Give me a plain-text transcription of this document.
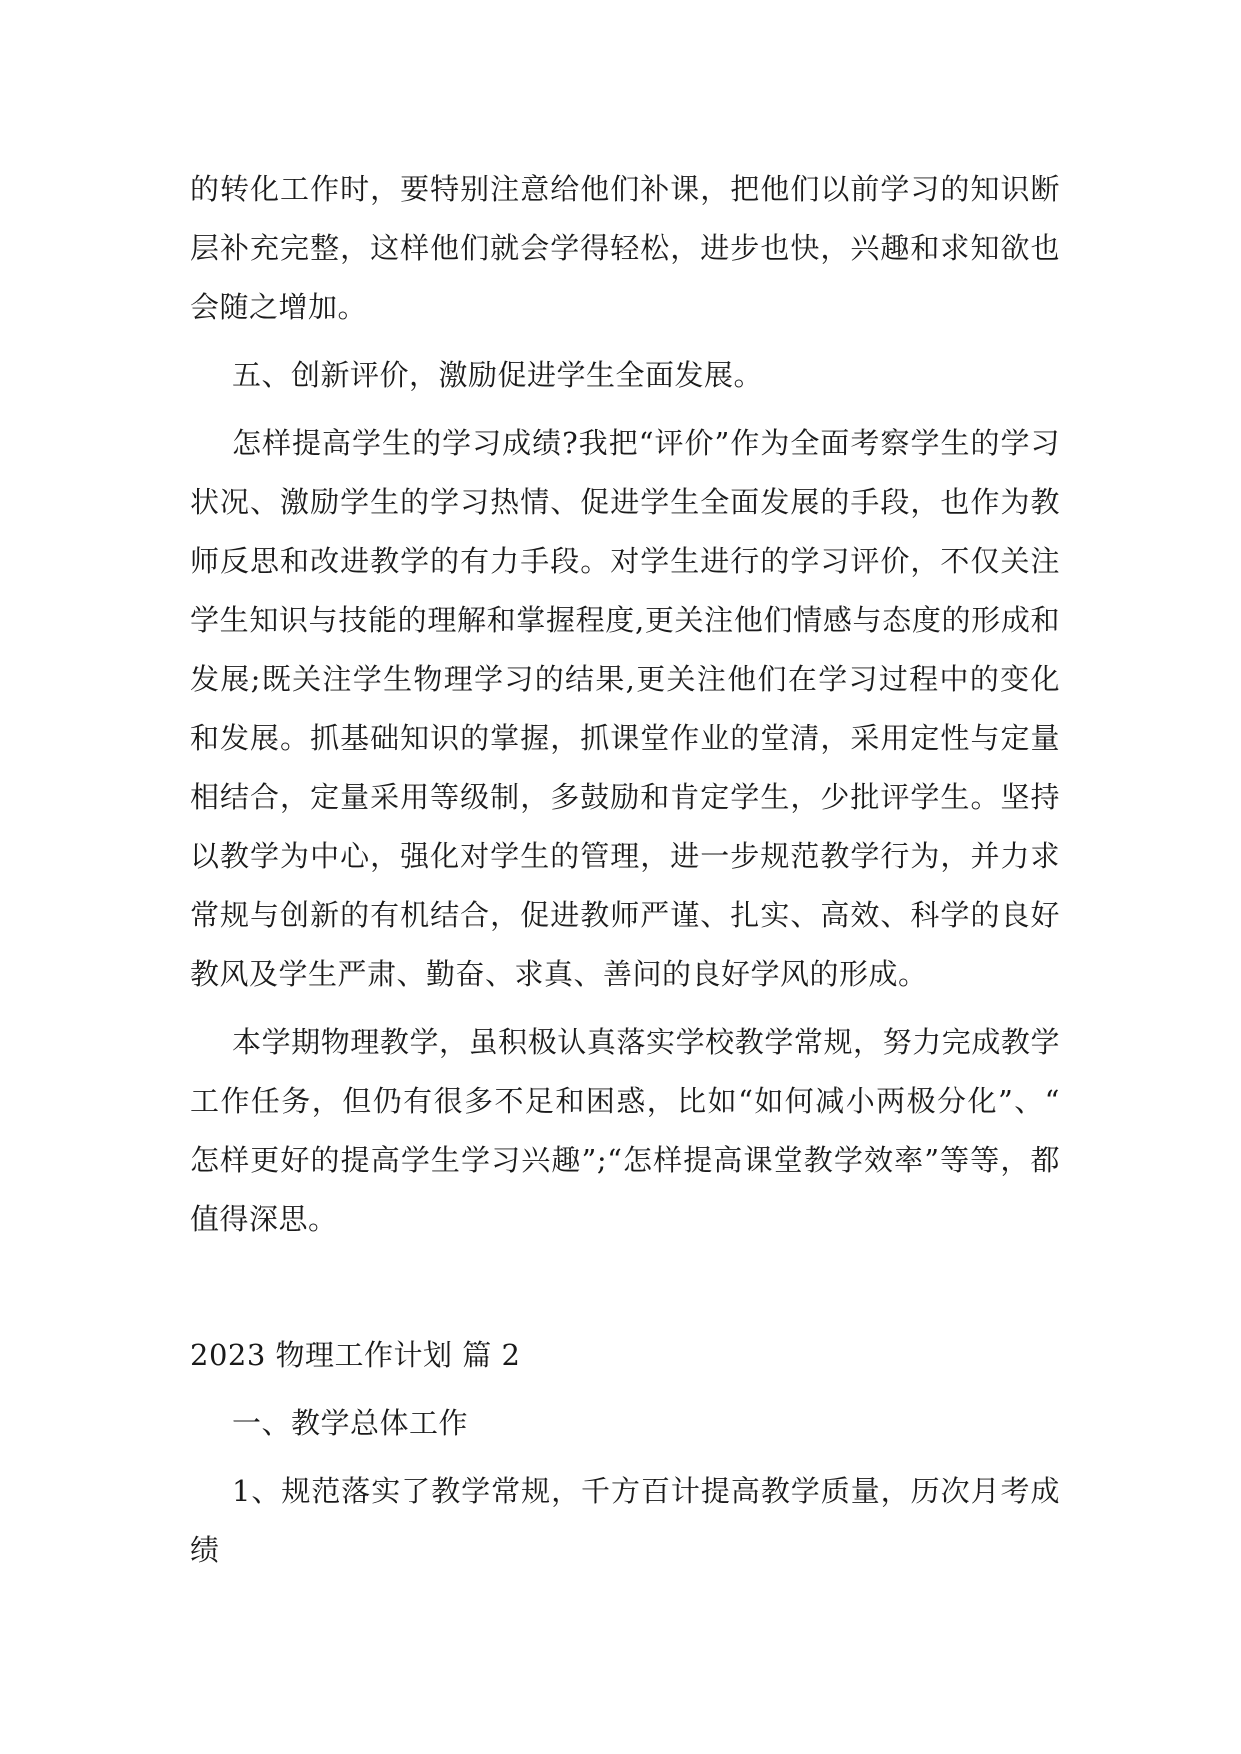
的转化工作时，要特别注意给他们补课，把他们以前学习的知识断层补充完整，这样他们就会学得轻松，进步也快，兴趣和求知欲也会随之增加。

五、创新评价，激励促进学生全面发展。

怎样提高学生的学习成绩?我把“评价”作为全面考察学生的学习状况、激励学生的学习热情、促进学生全面发展的手段，也作为教师反思和改进教学的有力手段。对学生进行的学习评价，不仅关注学生知识与技能的理解和掌握程度,更关注他们情感与态度的形成和发展;既关注学生物理学习的结果,更关注他们在学习过程中的变化和发展。抓基础知识的掌握，抓课堂作业的堂清，采用定性与定量相结合，定量采用等级制，多鼓励和肯定学生，少批评学生。坚持以教学为中心，强化对学生的管理，进一步规范教学行为，并力求常规与创新的有机结合，促进教师严谨、扎实、高效、科学的良好教风及学生严肃、勤奋、求真、善问的良好学风的形成。

本学期物理教学，虽积极认真落实学校教学常规，努力完成教学工作任务，但仍有很多不足和困惑，比如“如何减小两极分化”、“怎样更好的提高学生学习兴趣”;“怎样提高课堂教学效率”等等，都值得深思。

2023 物理工作计划 篇 2

一、教学总体工作

1、规范落实了教学常规，千方百计提高教学质量，历次月考成绩
